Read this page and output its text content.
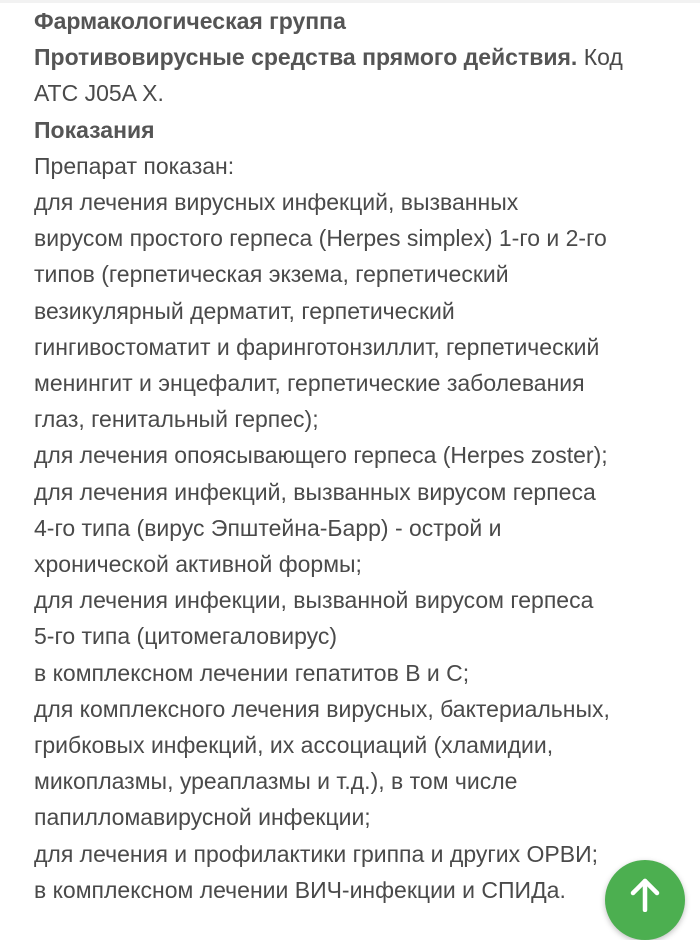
Фармакологическая группа

Противовирусные средства прямого действия. Код

АТС J05A X.

Показания

Препарат показан:

для лечения вирусных инфекций, вызванных

вирусом простого герпеса (Herpes simplex) 1-го и 2-го

типов (герпетическая экзема, герпетический

везикулярный дерматит, герпетический

гингивостоматит и фаринготонзиллит, герпетический

менингит и энцефалит, герпетические заболевания

глаз, генитальный герпес);

для лечения опоясывающего герпеса (Herpes zoster);

для лечения инфекций, вызванных вирусом герпеса

4-го типа (вирус Эпштейна-Барр) - острой и

хронической активной формы;

для лечения инфекции, вызванной вирусом герпеса

5-го типа (цитомегаловирус)

в комплексном лечении гепатитов В и С;

для комплексного лечения вирусных, бактериальных,

грибковых инфекций, их ассоциаций (хламидии,

микоплазмы, уреаплазмы и т.д.), в том числе

папилломавирусной инфекции;

для лечения и профилактики гриппа и других ОРВИ;

в комплексном лечении ВИЧ-инфекции и СПИДа.
